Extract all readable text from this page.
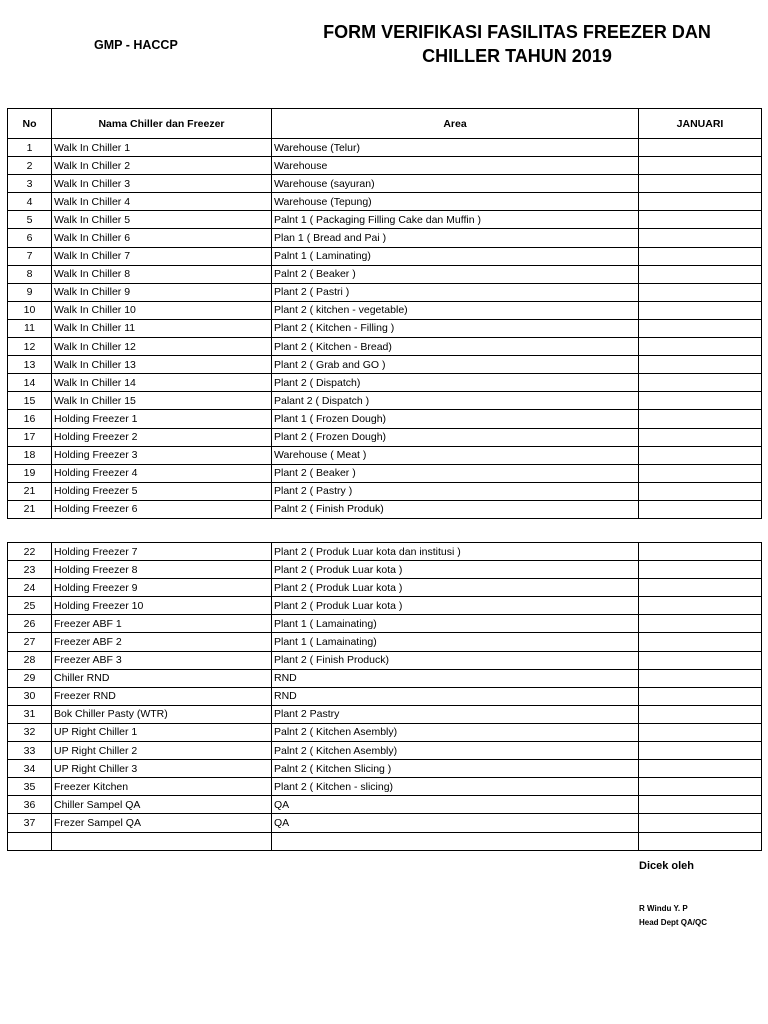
GMP - HACCP
FORM VERIFIKASI FASILITAS FREEZER DAN
CHILLER TAHUN 2019
No	Nama Chiller dan Freezer	Area	JANUARI
1	Walk In Chiller 1	Warehouse (Telur)	
2	Walk In Chiller 2	Warehouse	
3	Walk In Chiller 3	Warehouse (sayuran)	
4	Walk In Chiller 4	Warehouse (Tepung)	
5	Walk In Chiller 5	Palnt 1 ( Packaging Filling Cake dan Muffin )	
6	Walk In Chiller 6	Plan 1 ( Bread and Pai )	
7	Walk In Chiller 7	Palnt 1 ( Laminating)	
8	Walk In Chiller 8	Palnt 2 ( Beaker )	
9	Walk In Chiller 9	Plant 2 ( Pastri )	
10	Walk In Chiller 10	Plant 2 ( kitchen - vegetable)	
11	Walk In Chiller 11	Plant 2 ( Kitchen - Filling )	
12	Walk In Chiller 12	Plant 2 ( Kitchen - Bread)	
13	Walk In Chiller 13	Plant 2 ( Grab and GO )	
14	Walk In Chiller 14	Plant 2 ( Dispatch)	
15	Walk In Chiller 15	Palant 2 ( Dispatch )	
16	Holding Freezer 1	Plant 1 ( Frozen Dough)	
17	Holding Freezer 2	Plant 2 ( Frozen Dough)	
18	Holding Freezer 3	Warehouse ( Meat )	
19	Holding Freezer 4	Plant 2 ( Beaker )	
21	Holding Freezer 5	Plant 2 ( Pastry )	
21	Holding Freezer 6	Palnt 2 ( Finish Produk)	
22	Holding Freezer 7	Plant 2 ( Produk Luar kota dan institusi )	
23	Holding Freezer 8	Plant 2 ( Produk Luar kota )	
24	Holding Freezer 9	Plant 2 ( Produk Luar kota )	
25	Holding Freezer 10	Plant 2 ( Produk Luar kota )	
26	Freezer ABF 1	Plant 1 ( Lamainating)	
27	Freezer ABF 2	Plant 1 ( Lamainating)	
28	Freezer ABF 3	Plant 2 ( Finish Produck)	
29	Chiller RND	RND	
30	Freezer RND	RND	
31	Bok Chiller Pasty (WTR)	Plant 2 Pastry	
32	UP Right Chiller 1	Palnt 2 ( Kitchen Asembly)	
33	UP Right Chiller 2	Palnt 2 ( Kitchen Asembly)	
34	UP Right Chiller 3	Palnt 2 ( Kitchen Slicing )	
35	Freezer Kitchen	Plant 2 ( Kitchen - slicing)	
36	Chiller Sampel QA	QA	
37	Frezer Sampel QA	QA	

Dicek oleh
R Windu Y. P
Head Dept QA/QC
